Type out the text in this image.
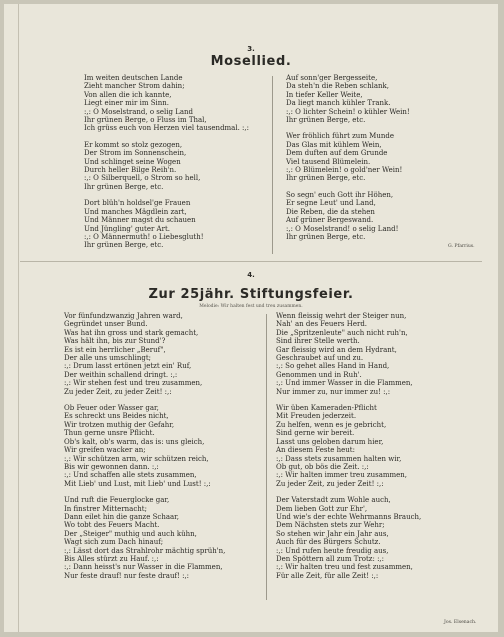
3.
Mosellied.
Im weiten deutschen Lande
Zieht mancher Strom dahin;
Von allen die ich kannte,
Liegt einer mir im Sinn.
:,: O Moselstrand, o selig Land
Ihr grünen Berge, o Fluss im Thal,
Ich grüss euch von Herzen viel tausendmal. :,:
Er kommt so stolz gezogen,
Der Strom im Sonnenschein,
Und schlinget seine Wogen
Durch heller Bilge Reih'n.
:,: O Silberquell, o Strom so hell,
Ihr grünen Berge, etc.
Dort blüh'n holdsel'ge Frauen
Und manches Mägdlein zart,
Und Männer magst du schauen
Und Jüngling' guter Art.
:,: O Männermuth! o Liebesgluth!
Ihr grünen Berge, etc.
Auf sonn'ger Bergesseite,
Da steh'n die Reben schlank,
In tiefer Keller Weite,
Da liegt manch kühler Trank.
:,: O lichter Schein! o kühler Wein!
Ihr grünen Berge, etc.
Wer fröhlich führt zum Munde
Das Glas mit kühlem Wein,
Dem duften auf dem Grunde
Viel tausend Blümelein.
:,: O Blümelein! o gold'ner Wein!
Ihr grünen Berge, etc.
So segn' euch Gott ihr Höhen,
Er segne Leut' und Land,
Die Reben, die da stehen
Auf grüner Bergeswand.
:,: O Moselstrand! o selig Land!
Ihr grünen Berge, etc.
G. Pfarrius.
4.
Zur 25jähr. Stiftungsfeier.
Melodie: Wir halten fest und treu zusammen.
Vor fünfundzwanzig Jahren ward,
Gegründet unser Bund.
Was hat ihn gross und stark gemacht,
Was hält ihn, bis zur Stund'?
Es ist ein herrlicher „Beruf",
Der alle uns umschlingt;
:,: Drum lasst ertönen jetzt ein' Ruf,
Der weithin schallend dringt. :,:
:,: Wir stehen fest und treu zusammen,
Zu jeder Zeit, zu jeder Zeit! :,:
Ob Feuer oder Wasser gar,
Es schreckt uns Beides nicht,
Wir trotzen muthig der Gefahr,
Thun gerne unsre Pflicht.
Ob's kalt, ob's warm, das is: uns gleich,
Wir greifen wacker an;
:,: Wir schützen arm, wir schützen reich,
Bis wir gewonnen dann. :,:
:,: Und schaffen alle stets zusammen,
Mit Lieb' und Lust, mit Lieb' und Lust! :,:
Und ruft die Feuerglocke gar,
In finstrer Mitternacht;
Dann eilet hin die ganze Schaar,
Wo tobt des Feuers Macht.
Der „Steiger" muthig und auch kühn,
Wagt sich zum Dach hinauf;
:,: Lässt dort das Strahlrohr mächtig sprüh'n,
Bis Alles stürzt zu Hauf. :,:
:,: Dann heisst's nur Wasser in die Flammen,
Nur feste drauf! nur feste drauf! :,:
Wenn fleissig wehrt der Steiger nun,
Nah' an des Feuers Herd.
Die „Spritzenleute" auch nicht ruh'n,
Sind ihrer Stelle werth.
Gar fleissig wird an dem Hydrant,
Geschraubet auf und zu.
:,: So gehet alles Hand in Hand,
Genommen und in Ruh'.
:,: Und immer Wasser in die Flammen,
Nur immer zu, nur immer zu! :,:
Wir üben Kameraden-Pflicht
Mit Freuden jederzeit.
Zu helfen, wenn es je gebricht,
Sind gerne wir bereit.
Lasst uns geloben darum hier,
An diesem Feste heut:
:,: Dass stets zusammen halten wir,
Ob gut, ob bös die Zeit. :,:
:,: Wir halten immer treu zusammen,
Zu jeder Zeit, zu jeder Zeit! :,:
Der Vaterstadt zum Wohle auch,
Dem lieben Gott zur Ehr',
Und wie's der echte Wehrmanns Brauch,
Dem Nächsten stets zur Wehr;
So stehen wir Jahr ein Jahr aus,
Auch für des Bürgers Schutz.
:,: Und rufen heute freudig aus,
Den Spöttern all zum Trotz: :,:
:,: Wir halten treu und fest zusammen,
Für alle Zeit, für alle Zeit! :,:
Jos. Elsenach.
